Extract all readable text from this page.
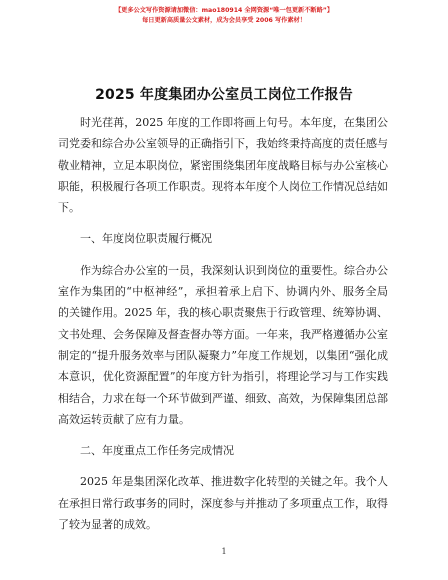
【更多公文写作资源请加微信：mao180914 全网资源“唯一包更新不断路”】
每日更新高质量公文素材，成为会员享受 2006 写作素材！
2025 年度集团办公室员工岗位工作报告

时光荏苒，2025 年度的工作即将画上句号。本年度，在集团公司党委和综合办公室领导的正确指引下，我始终秉持高度的责任感与敬业精神，立足本职岗位，紧密围绕集团年度战略目标与办公室核心职能，积极履行各项工作职责。现将本年度个人岗位工作情况总结如下。

一、年度岗位职责履行概况

作为综合办公室的一员，我深刻认识到岗位的重要性。综合办公室作为集团的“中枢神经”，承担着承上启下、协调内外、服务全局的关键作用。2025 年，我的核心职责聚焦于行政管理、统筹协调、文书处理、会务保障及督查督办等方面。一年来，我严格遵循办公室制定的“提升服务效率与团队凝聚力”年度工作规划，以集团“强化成本意识，优化资源配置”的年度方针为指引，将理论学习与工作实践相结合，力求在每一个环节做到严谨、细致、高效，为保障集团总部高效运转贡献了应有力量。

二、年度重点工作任务完成情况

2025 年是集团深化改革、推进数字化转型的关键之年。我个人在承担日常行政事务的同时，深度参与并推动了多项重点工作，取得了较为显著的成效。

1
